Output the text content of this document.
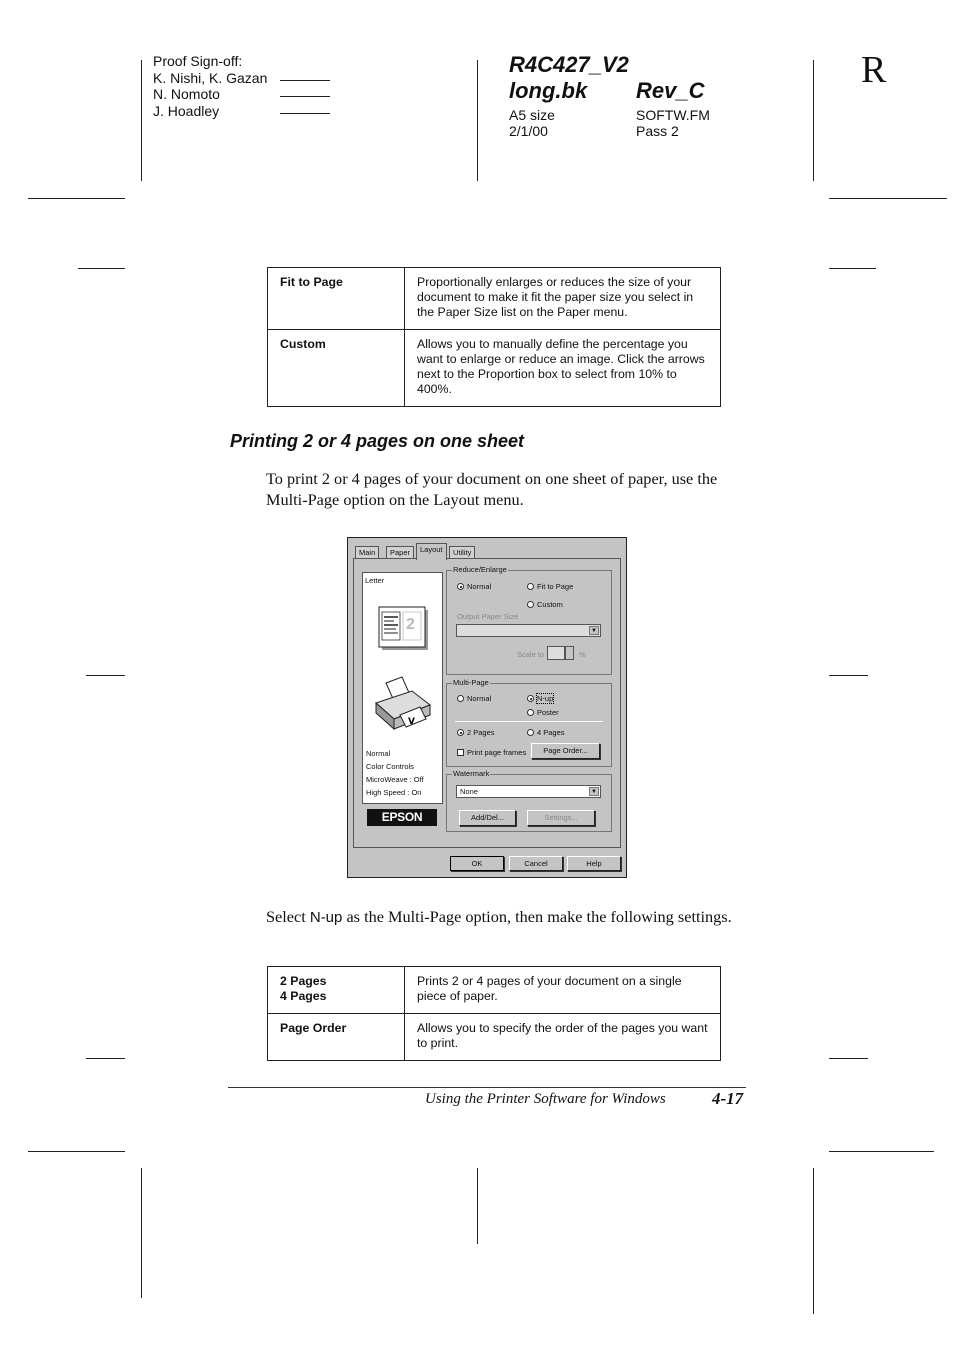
Proof Sign-off:
K. Nishi, K. Gazan
N. Nomoto
J. Hoadley
R4C427_V2
long.bk Rev_C
A5 size
2/1/00
SOFTW.FM
Pass 2
R
Fit to Page	Proportionally enlarges or reduces the size of your document to make it fit the paper size you select in the Paper Size list on the Paper menu.
Custom	Allows you to manually define the percentage you want to enlarge or reduce an image. Click the arrows next to the Proportion box to select from 10% to 400%.
Printing 2 or 4 pages on one sheet
To print 2 or 4 pages of your document on one sheet of paper, use the Multi-Page option on the Layout menu.
Main	Paper	Layout	Utility
Letter
2
V
Normal
Color Controls
MicroWeave : Off
High Speed : On
EPSON
Reduce/Enlarge
Normal	Fit to Page
Custom
Output Paper Size
▼
Scale to	%
Multi-Page
Normal	N-up
Poster
2 Pages	4 Pages
Print page frames	Page Order...
Watermark
None	▼
Add/Del...	Settings...
OK	Cancel	Help
Select N-up as the Multi-Page option, then make the following settings.
2 Pages
4 Pages	Prints 2 or 4 pages of your document on a single piece of paper.

Page Order	Allows you to specify the order of the pages you want to print.
Using the Printer Software for Windows	4-17
